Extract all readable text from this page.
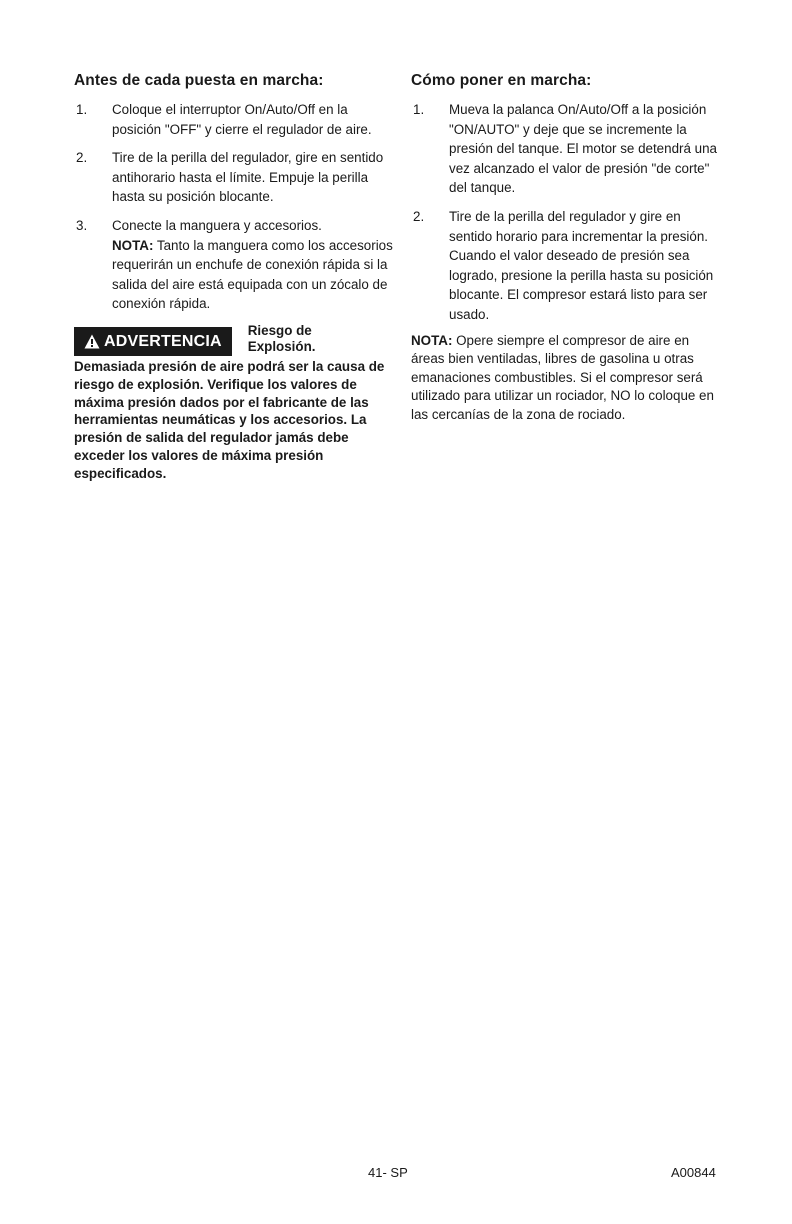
Antes de cada puesta en marcha:
1. Coloque el interruptor On/Auto/Off en la posición "OFF" y cierre el regulador de aire.
2. Tire de la perilla del regulador, gire en sentido antihorario hasta el límite. Empuje la perilla hasta su posición blocante.
3. Conecte la manguera y accesorios.
NOTA: Tanto la manguera como los accesorios requerirán un enchufe de conexión rápida si la salida del aire está equipada con un zócalo de conexión rápida.
ADVERTENCIA
Riesgo de
Explosión.
Demasiada presión de aire podrá ser la causa de riesgo de explosión. Verifique los valores de máxima presión dados por el fabricante de las herramientas neumáticas y los accesorios. La presión de salida del regulador jamás debe exceder los valores de máxima presión especificados.
Cómo poner en marcha:
1. Mueva la palanca On/Auto/Off a la posición "ON/AUTO" y deje que se incremente la presión del tanque. El motor se detendrá una vez alcanzado el valor de presión "de corte" del tanque.
2. Tire de la perilla del regulador y gire en sentido horario para incrementar la presión. Cuando el valor deseado de presión sea logrado, presione la perilla hasta su posición blocante. El compresor estará listo para ser usado.
NOTA: Opere siempre el compresor de aire en áreas bien ventiladas, libres de gasolina u otras emanaciones combustibles. Si el compresor será utilizado para utilizar un rociador, NO lo coloque en las cercanías de la zona de rociado.
41- SP	A00844
